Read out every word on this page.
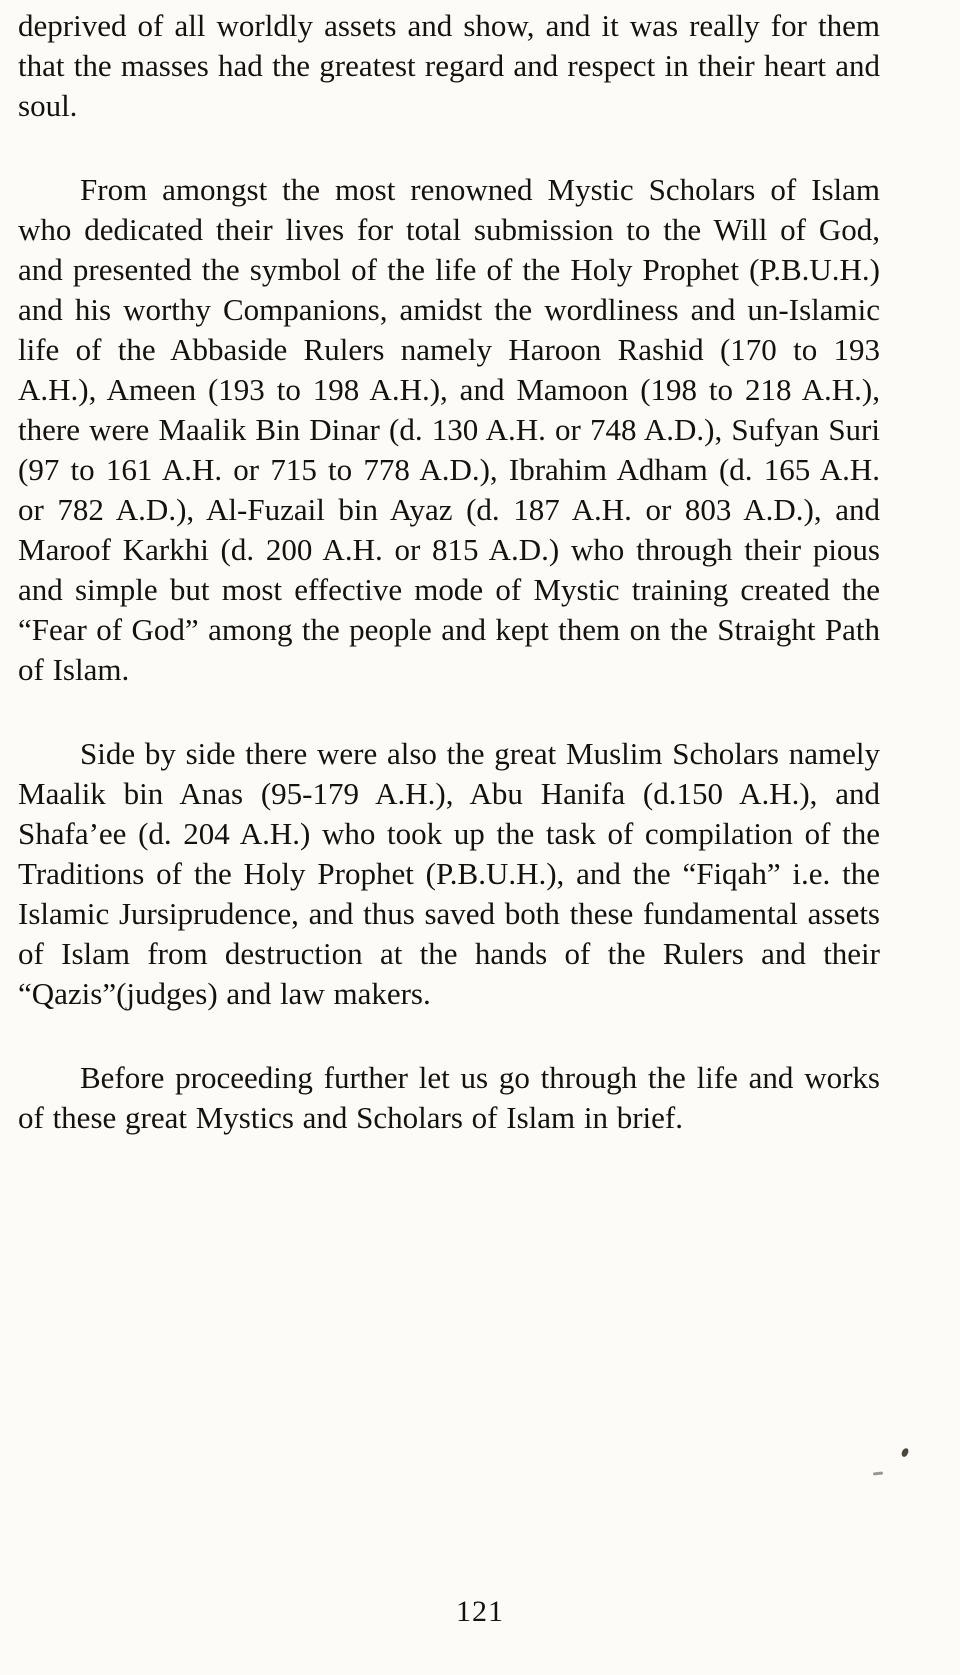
deprived of all worldly assets and show, and it was really for them that the masses had the greatest regard and respect in their heart and soul.

From amongst the most renowned Mystic Scholars of Islam who dedicated their lives for total submission to the Will of God, and presented the symbol of the life of the Holy Prophet (P.B.U.H.) and his worthy Companions, amidst the wordliness and un-Islamic life of the Abbaside Rulers namely Haroon Rashid (170 to 193 A.H.), Ameen (193 to 198 A.H.), and Mamoon (198 to 218 A.H.), there were Maalik Bin Dinar (d. 130 A.H. or 748 A.D.), Sufyan Suri (97 to 161 A.H. or 715 to 778 A.D.), Ibrahim Adham (d. 165 A.H. or 782 A.D.), Al-Fuzail bin Ayaz (d. 187 A.H. or 803 A.D.), and Maroof Karkhi (d. 200 A.H. or 815 A.D.) who through their pious and simple but most effective mode of Mystic training created the “Fear of God” among the people and kept them on the Straight Path of Islam.

Side by side there were also the great Muslim Scholars namely Maalik bin Anas (95-179 A.H.), Abu Hanifa (d.150 A.H.), and Shafa’ee (d. 204 A.H.) who took up the task of compilation of the Traditions of the Holy Prophet (P.B.U.H.), and the “Fiqah” i.e. the Islamic Jursiprudence, and thus saved both these fundamental assets of Islam from destruction at the hands of the Rulers and their “Qazis”(judges) and law makers.

Before proceeding further let us go through the life and works of these great Mystics and Scholars of Islam in brief.

121
